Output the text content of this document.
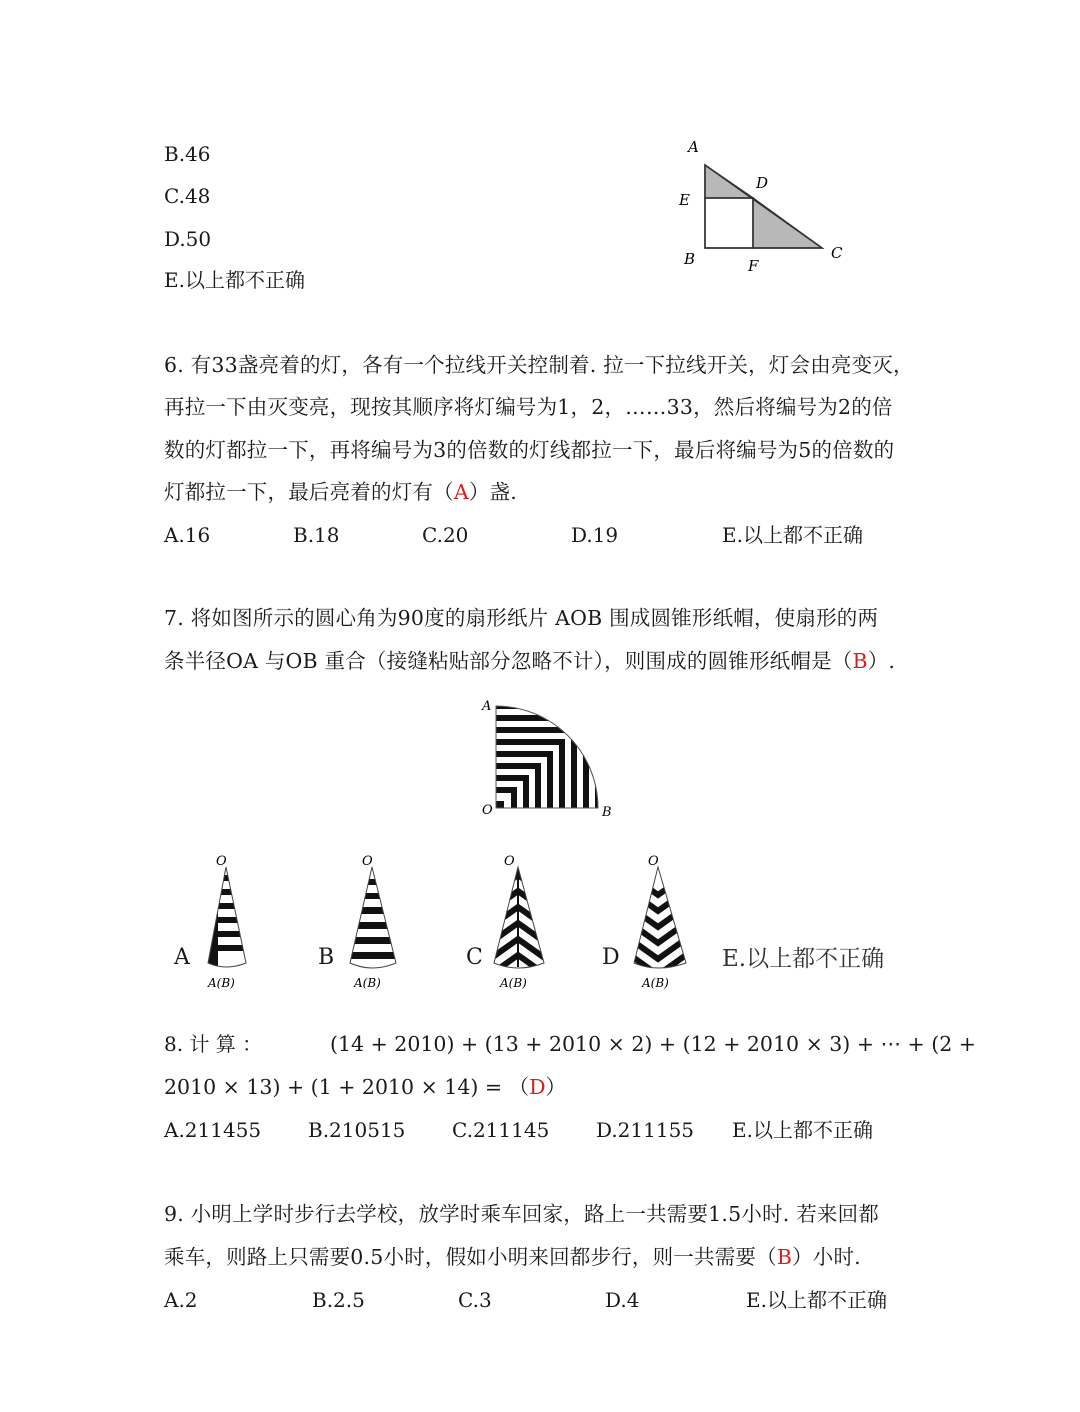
B.46
C.48
D.50
E.以上都不正确
A
D
E
B	F
C
6. 有33盏亮着的灯，各有一个拉线开关控制着. 拉一下拉线开关，灯会由亮变灭，
再拉一下由灭变亮，现按其顺序将灯编号为1，2，……33，然后将编号为2的倍
数的灯都拉一下，再将编号为3的倍数的灯线都拉一下，最后将编号为5的倍数的
灯都拉一下，最后亮着的灯有（A）盏.
A.16	B.18	C.20	D.19	E.以上都不正确
7. 将如图所示的圆心角为90度的扇形纸片 AOB 围成圆锥形纸帽，使扇形的两
条半径OA 与OB 重合（接缝粘贴部分忽略不计），则围成的圆锥形纸帽是（B）.
A
O	B
A
O
A(B)
B
O
A(B)
C
O
A(B)
D
O
A(B)
E.以上都不正确
8. 计 算 ：	(14 + 2010) + (13 + 2010 × 2) + (12 + 2010 × 3) + ⋯ + (2 +
2010 × 13) + (1 + 2010 × 14) = （D）
A.211455 B.210515 C.211145 D.211155 E.以上都不正确
9. 小明上学时步行去学校，放学时乘车回家，路上一共需要1.5小时. 若来回都
乘车，则路上只需要0.5小时，假如小明来回都步行，则一共需要（B）小时.
A.2	B.2.5	C.3	D.4	E.以上都不正确
